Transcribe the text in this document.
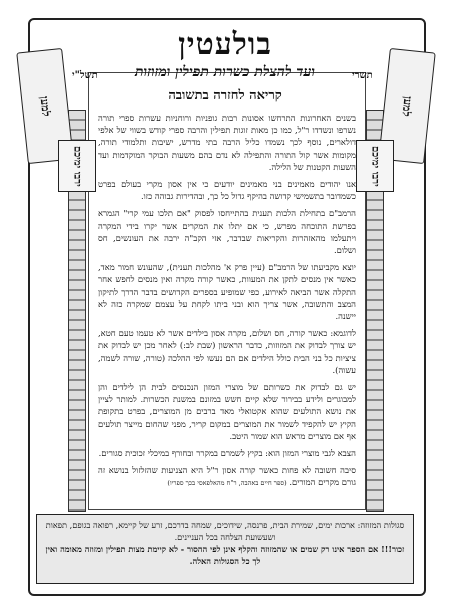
למען	למען
תשל"י	תשרי
ירבו ימיכם	ירבו ימיכם
בולעטין
ועד להצלת כשרות תפילין ומזוזות
קריאה לחזרה בתשובה

בשנים האחרונות התרחשו אסונות רבות גופניות ורוחניות עשרות ספרי תורה נשרפו ונשדדו ר"ל, כמו כן מאות זוגות תפילין והרבה ספרי קודש בשווי של אלפי דולארים, נוסף לכך נשמדו כליל הרבה בתי מדרש, ישיבות ותלמודי תורה, מקומות אשר קול התורה והתפילה לא נדם בהם משעות הבוקר המוקדמות ועד השעות הקטנות של הלילה.

אנו יהודים מאמינים בני מאמינים יודעים כי אין אסון מקרי בעולם בפרט כשמדובר בתשמישי קדושה בהיקף גדול כל כך, ובהדירות גבוהה כזו.

הרמב"ם בתחילת הלכות תענית בהתייחסו לפסוק "אם תלכו עמי קרי" הגמרא בפרשת התוכחה מפרש, כי אם יתלו את המקרים אשר יקרו בידי המקרה ויתעלמו מהאזהרות והקריאות שבדבר, אזי הקב"ה ירבה את העונשים, חס ושלום.

יוצא מקביעתו של הרמב"ם (עיין פרק א' מהלכות תענית), שהעונש חמור מאד, כאשר אין מנסים לתקן את המעוות, כאשר קורה מקרה ואין מנסים לחפש אחר התקלה אשר הביאה לאירוע, כפי שמופיע בספרים הקדושים בדבר הדרך לתיקון המצב והתשובה, אשר צריך הוא ובני ביתו לקחת על עצמם שמקרה כזה לא יישנה.

לדוגמא: כאשר קורה, חס ושלום, מקרה אסון בילדים אשר לא טעמו טעם חטא, יש צורך לבדוק את המזוזות, כדבר הראשון (שבת לב:) לאחר מכן יש לבדוק את ציציות כל בני הבית כולל הילדים אם הם נעשו לפי ההלכה (טורה, שורה לשמה, עשוה).

יש גם לבדוק את כשרותם של מוצרי המזון הנכנסים לבית הן לילדים והן למבוגרים ולידע בבירור שלא קיים חשש במזונם במשנת הכשרות. למותר לציין את נושא התולעים שהוא אקטואלי מאד ברבים מן המוצרים, בפרט בתקופת הקיץ יש להקפיד לשמור את המוצרים במקום קריר, מפני שהחום מייצר תולעים אף אם מוצרים מראש הוא שמור היטב.

הצבא לגבי מוצרי המזון הוא: בקיץ לשמרם במקרר ובחורף במיכלי זכוכית סגורים.

סיבה חשובה לא פחות כאשר קורה אסון ר"ל היא הצניעות שהזלזול בנושא זה גורם מקרים המורים. (ספר חיים באהבה, ר"ח מהאלפאסי בכך ספריו)

סגולות המזוזה: ארכות ימים, שמירת הבית, פרנסה, שידוכים, שמחה בדרכם, זרע של קיימא, רפואה בגופם, תפאות ושעשועת הצלחה בכל העניינים.

זכור!!! אם הספר אינו רק שמים או שהמזוזה והקלף אינן לפי ההסור - לא קיימת מצות תפילין ומזוזה מאומה ואין לך כל הסגולות האלה.
